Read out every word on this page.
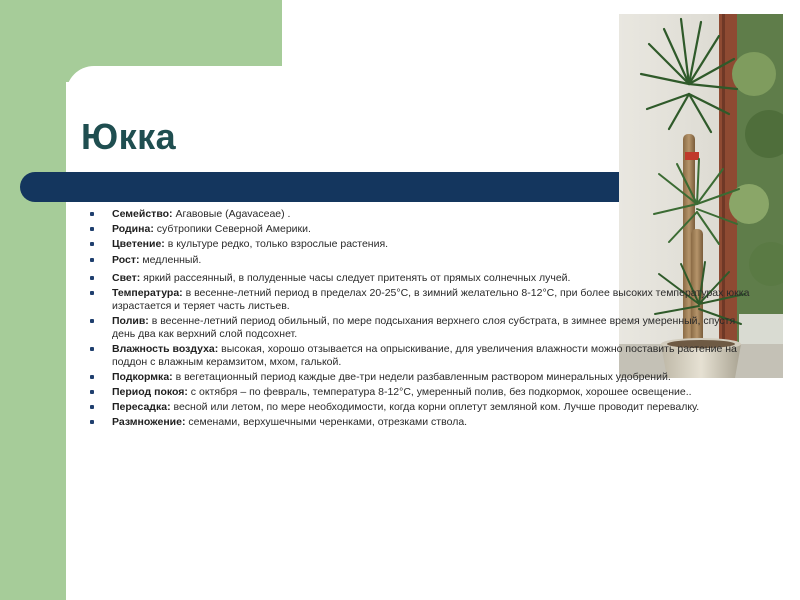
Юкка
Семейство: Агавовые (Agavaceae) .
Родина: субтропики Северной Америки.
Цветение: в культуре редко, только взрослые растения.
Рост: медленный.
Свет: яркий рассеянный, в полуденные часы следует притенять от прямых солнечных лучей.
Температура: в весенне-летний период в пределах 20-25°С, в зимний желательно 8-12°С, при более высоких температурах юкка израстается и теряет часть листьев.
Полив: в весенне-летний период обильный, по мере подсыхания верхнего слоя субстрата, в зимнее время умеренный, спустя день два как верхний слой подсохнет.
Влажность воздуха: высокая, хорошо отзывается на опрыскивание, для увеличения влажности можно поставить растение на поддон с влажным керамзитом, мхом, галькой.
Подкормка: в вегетационный период каждые две-три недели разбавленным раствором минеральных удобрений.
Период покоя: с октября – по февраль, температура 8-12°С, умеренный полив, без подкормок, хорошее освещение..
Пересадка: весной или летом, по мере необходимости, когда корни оплетут земляной ком. Лучше проводит перевалку.
Размножение: семенами, верхушечными черенками, отрезками ствола.
